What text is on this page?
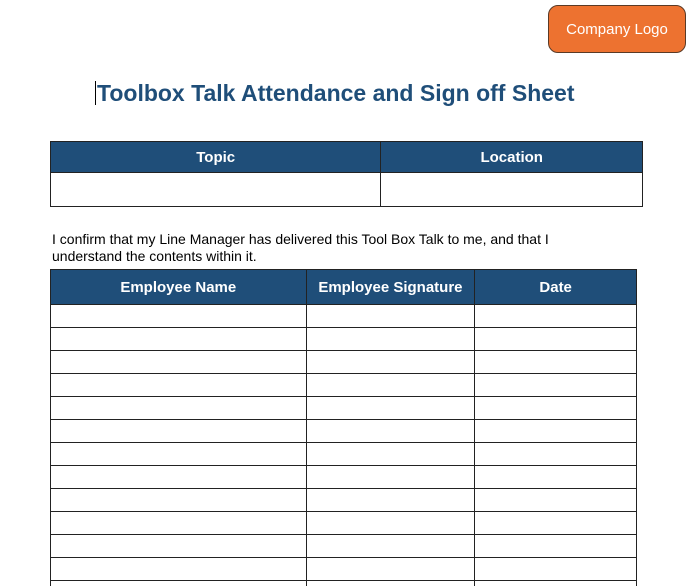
Company Logo
Toolbox Talk Attendance and Sign off Sheet
Topic	Location

I confirm that my Line Manager has delivered this Tool Box Talk to me, and that I understand the contents within it.
Employee Name	Employee Signature	Date
